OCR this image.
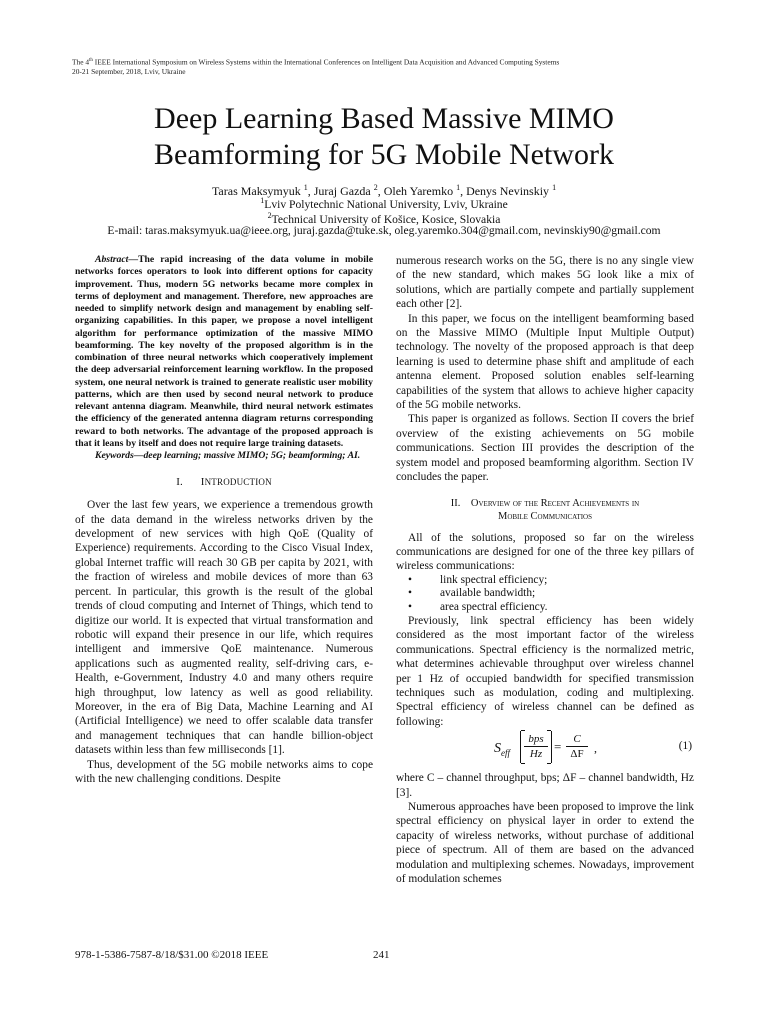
The 4th IEEE International Symposium on Wireless Systems within the International Conferences on Intelligent Data Acquisition and Advanced Computing Systems
20-21 September, 2018, Lviv, Ukraine
Deep Learning Based Massive MIMO
Beamforming for 5G Mobile Network
Taras Maksymyuk $^1$, Juraj Gazda $^2$, Oleh Yaremko $^1$, Denys Nevinskiy $^1$
$^1$Lviv Polytechnic National University, Lviv, Ukraine
$^2$Technical University of Košice, Kosice, Slovakia
E-mail: taras.maksymyuk.ua@ieee.org, juraj.gazda@tuke.sk, oleg.yaremko.304@gmail.com, nevinskiy90@gmail.com

Abstract—The rapid increasing of the data volume in mobile networks forces operators to look into different options for capacity improvement. Thus, modern 5G networks became more complex in terms of deployment and management. Therefore, new approaches are needed to simplify network design and management by enabling self-organizing capabilities. In this paper, we propose a novel intelligent algorithm for performance optimization of the massive MIMO beamforming. The key novelty of the proposed algorithm is in the combination of three neural networks which cooperatively implement the deep adversarial reinforcement learning workflow. In the proposed system, one neural network is trained to generate realistic user mobility patterns, which are then used by second neural network to produce relevant antenna diagram. Meanwhile, third neural network estimates the efficiency of the generated antenna diagram returns corresponding reward to both networks. The advantage of the proposed approach is that it leans by itself and does not require large training datasets.

Keywords—deep learning; massive MIMO; 5G; beamforming; AI.

I. INTRODUCTION

Over the last few years, we experience a tremendous growth of the data demand in the wireless networks driven by the development of new services with high QoE (Quality of Experience) requirements. According to the Cisco Visual Index, global Internet traffic will reach 30 GB per capita by 2021, with the fraction of wireless and mobile devices of more than 63 percent. In particular, this growth is the result of the global trends of cloud computing and Internet of Things, which tend to digitize our world. It is expected that virtual transformation and robotic will expand their presence in our life, which requires intelligent and immersive QoE maintenance. Numerous applications such as augmented reality, self-driving cars, e-Health, e-Government, Industry 4.0 and many others require high throughput, low latency as well as good reliability. Moreover, in the era of Big Data, Machine Learning and AI (Artificial Intelligence) we need to offer scalable data transfer and management techniques that can handle billion-object datasets within less than few milliseconds [1].

Thus, development of the 5G mobile networks aims to cope with the new challenging conditions. Despite

numerous research works on the 5G, there is no any single view of the new standard, which makes 5G look like a mix of solutions, which are partially compete and partially supplement each other [2].

In this paper, we focus on the intelligent beamforming based on the Massive MIMO (Multiple Input Multiple Output) technology. The novelty of the proposed approach is that deep learning is used to determine phase shift and amplitude of each antenna element. Proposed solution enables self-learning capabilities of the system that allows to achieve higher capacity of the 5G mobile networks.

This paper is organized as follows. Section II covers the brief overview of the existing achievements on 5G mobile communications. Section III provides the description of the system model and proposed beamforming algorithm. Section IV concludes the paper.

II. Overview of the Recent Achievements in
Mobile Communicatios

All of the solutions, proposed so far on the wireless communications are designed for one of the three key pillars of wireless communications:

• link spectral efficiency;
• available bandwidth;
• area spectral efficiency.

Previously, link spectral efficiency has been widely considered as the most important factor of the wireless communications. Spectral efficiency is the normalized metric, what determines achievable throughput over wireless channel per 1 Hz of occupied bandwidth for specified transmission techniques such as modulation, coding and multiplexing. Spectral efficiency of wireless channel can be defined as following:

$S_{eff}$
bps
$Hz = \frac{C}{\Delta F}$ ,	(1)

where C – channel throughput, bps; ΔF – channel bandwidth, Hz [3].

Numerous approaches have been proposed to improve the link spectral efficiency on physical layer in order to extend the capacity of wireless networks, without purchase of additional piece of spectrum. All of them are based on the advanced modulation and multiplexing schemes. Nowadays, improvement of modulation schemes

978-1-5386-7587-8/18/$31.00 ©2018 IEEE	241
